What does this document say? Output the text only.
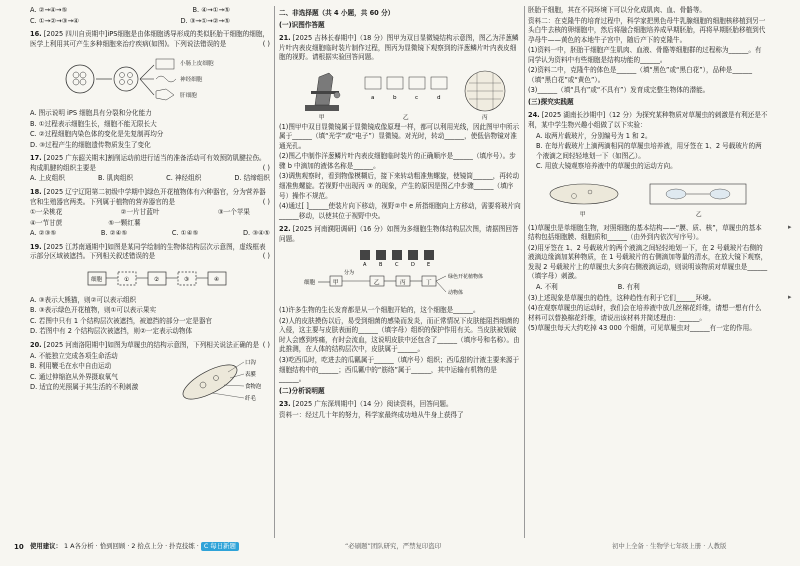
A. ②→④→⑤	B. ④→①→⑤
C. ①→②→③→④	D. ③→①→②→⑤
16. [2025 四川自贡期中]iPS细胞是由体细胞诱导形成的类似胚胎干细胞的细胞，医学上利用其可产生多种细胞来治疗疾病(如图)。下列说法错误的是	( )
小肠上皮细胞
神经细胞
肝细胞
A. 图示说明 iPS 细胞具有分裂和分化能力
B. ①过程表示细胞生长，细胞不能无限长大
C. ②过程细胞内染色体的变化是先复制再均分
D. ③过程产生的细胞遗传物质发生了变化
17. [2025 广东韶关期末]割削运动前进行适当的准备活动可有效预防肌腱拉伤。构成肌腱的组织主要是	( )
A. 上皮组织	B. 肌肉组织	C. 神经组织	D. 结缔组织
18. [2025 辽宁辽阳第二初级中学期中]绿色开花植物体有六种器官，分为营养器官和生殖器官两类。下列属于植物的营养器官的是	( )
①一朵桃花	②一片甘蓝叶	③一个苹果
④一节甘蔗	⑤一颗红薯
A. ②③⑤	B. ②④⑤	C. ①④⑤	D. ③④⑤
19. [2025 江苏南通期中]如图是某同学绘制的生物体结构层次示意图，虚线框表示部分区域被遮挡。下列相关叙述错误的是	( )
细胞	①	②	③	④
A. ③表示大熊猫，则②可以表示组织
B. ③表示绿色开花植物，则①可以表示果实
C. 若图中只有 1 个结构层次被遮挡，被遮挡的部分一定是器官
D. 若图中有 2 个结构层次被遮挡，则②一定表示动物体
20. [2025 河南洛阳期中]如图为草履虫的结构示意图，下列相关说法正确的是 ( )
A. 不能独立完成各项生命活动
B. 利用鞭毛在水中自由运动
C. 通过伸缩泡从外界摄取氧气
D. 适宜的光照属于其生活的不利刺激
口沟
表膜
食物泡
纤毛
二、非选择题（共 4 小题，共 60 分）
(一)识图作答题
21. [2025 吉林长春期中]（18 分）图甲为双目显微镜结构示意图，图乙为洋葱鳞片叶内表皮细胞临时装片制作过程，图丙为显微镜下观察到的洋葱鳞片叶内表皮细胞的视野。请根据实验回答问题。
甲
a	b	c	d
乙	丙
(1)图甲中双目显微镜属于显微镜成像原理一样，都可以利用光线，因此图甲中所示属于______（填“光学”或“电子”）显微镜。对光时，转动______，使低倍物镜对准通光孔。
(2)图乙中制作洋葱鳞片叶内表皮细胞临时装片的正确顺序是______（填序号）。步骤 b 中滴加的液体名称是______。
(3)调焦观察时，看到物像模糊后，接下来转动粗准焦螺旋，使镜筒______，再转动细准焦螺旋。若视野中出现丙 ③ 的现象，产生的原因是图乙中步骤______（填序号）操作不规范。
(4)通过[ ]______使装片向下移动，视野②中 e 所指细胞向上方移动，需要将玻片向______移动，以使其位于视野中央。
22. [2025 河南濮阳调研]（16 分）如图为多细胞生物体结构层次图，请据图回答问题。
A	B	C	D E
细胞	甲
分为
乙	丙	丁
绿色开花植物体
动物体
(1)许多生物的生长发育都是从一个细胞开始的，这个细胞是______。
(2)人的皮肤摸伤以后，易受到细菌的感染而发炎，而正常情况下皮肤能阻挡细菌的入侵，这主要与皮肤表面的______（填字母）组织的保护作用有关。当皮肤被划破时人会感到疼痛，有时会流血，这说明皮肤中还包含了______（填序号和名称）。由此推测，在人体的结构层次中，皮肤属于______。
(3)吃西瓜时，吃进去的瓜瓤属于______（填序号）组织；西瓜甜的汁液主要来源于细胞结构中的______；西瓜瓤中的“筋络”属于______，其中运输有机物的是______。
(二)分析说明题
23. [2025 广东深圳期中]（14 分）阅读资料，回答问题。
资料一：经过几十年的努力，科学家最终成功地从牛身上获得了
胚胎干细胞，其在不同环境下可以分化成肌肉、血、骨骼等。
资料二：在克隆牛的培育过程中，科学家把黑色母牛乳腺细胞的细胞核移植到另一头白牛去核的卵细胞中，然后将融合细胞培养成早期胚胎，再将早期胚胎移植到代孕母牛——黄色的本地牛子宫中，随后产下的克隆牛。
(1)资料一中，胚胎干细胞产生肌肉、血液、骨骼等细胞群的过程称为______。有同学认为资料中有些细胞是结构功能的______。
(2)资料二中，克隆牛的体色是______（填“黑色”或“黑白花”），品种是______（填“黑白花”或“黄色”）。
(3)______（填“具有”或“不具有”）发育成完整生物体的潜能。
(三)探究实践题
24. [2025 湖南长沙期中]（12 分）为探究某种物质对草履虫的刺激是有利还是不利，某中学生物兴趣小组做了以下实验：
A. 取两片载玻片，分别编号为 1 和 2。
B. 在每片载玻片上滴两滴相同的草履虫培养液，用牙签在 1、2 号载玻片的两个液滴之间轻轻地划一下（如图乙）。
C. 用放大镜观察培养液中的草履虫的运动方向。
甲	乙
(1)草履虫是单细胞生物，对照细胞的基本结构——“膜、质、核”，草履虫的基本结构包括细胞膜、细胞质和______（由外到内依次写序号）。
(2)用牙签在 1、2 号载玻片的两个液滴之间轻轻地划一下，在 2 号载玻片右侧的液滴边缘滴加某种物质，在 1 号载玻片的右侧滴加等量的清水，在放大镜下观察，发现 2 号载玻片上的草履虫大多向右侧液滴运动，则说明该物质对草履虫是______（填字母）刺激。
A. 不利	B. 有利
(3)上述现象是草履虫的趋性，这种趋性有利于它们______环境。
(4)在观察草履虫的运动时，我们会在培养液中放几丝棉花纤维，请想一想有什么材料可以替换棉花纤维，请说出该材料并简述理由：______。
(5)草履虫每天大约吃掉 43 000 个细菌，可见草履虫对______有一定的作用。
▸
▸
10 使用建议： 1 A各分析 · 恰到回顾 · 2 拾点上分 · 扑克技练 · C 每日新题	“必刷题”团队研究，严禁复印盗印	初中上全备 · 生物学七年级上册 · 人教版
